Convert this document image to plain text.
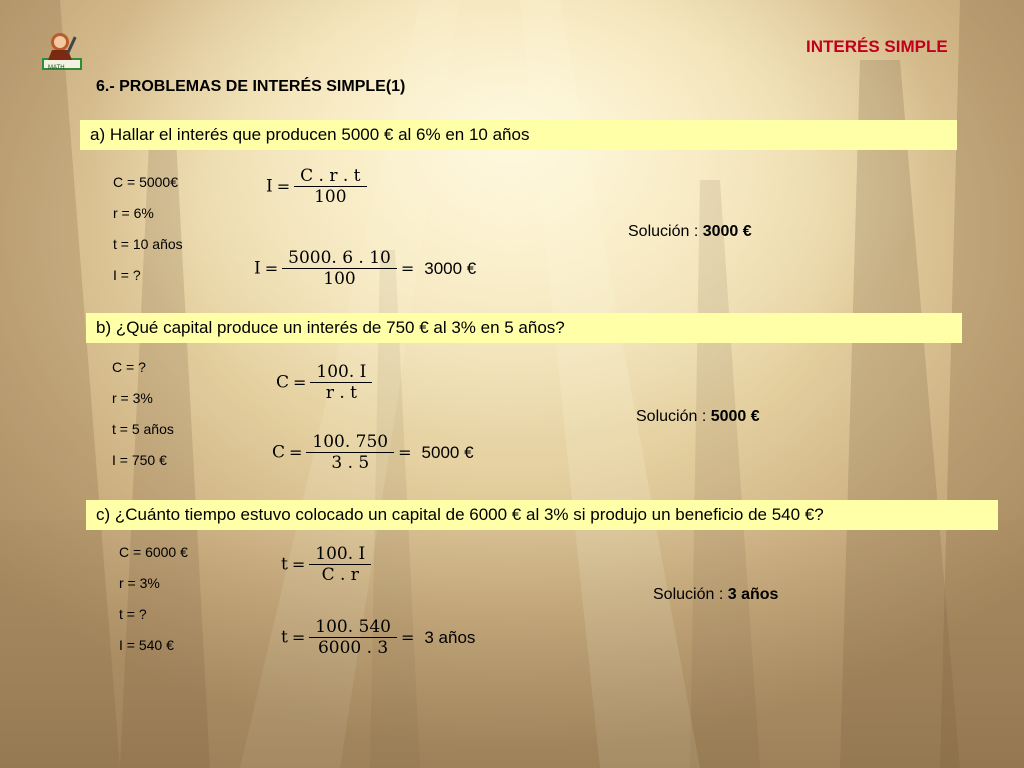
MATH
INTERÉS SIMPLE
6.- PROBLEMAS DE INTERÉS SIMPLE(1)
a) Hallar el interés que producen 5000 € al 6% en 10 años
C = 5000€
r = 6%
t = 10 años
I = ?
$I = \frac{C . r . t}{100}$
$I = \frac{5000. 6 . 10}{100} = 3000$ €
Solución : 3000 €
b) ¿Qué capital produce un interés de 750 € al 3% en 5 años?
C = ?
r = 3%
t = 5 años
I = 750 €
$C = \frac{100. I}{r . t}$
$C = \frac{100. 750}{3 . 5} = 5000$ €
Solución : 5000 €
c) ¿Cuánto tiempo estuvo colocado un capital de 6000 € al 3% si produjo un beneficio de 540 €?
C = 6000 €
r = 3%
t = ?
I = 540 €
$t = \frac{100. I}{C . r}$
$t = \frac{100. 540}{6000 . 3} = 3$ años
Solución : 3 años
